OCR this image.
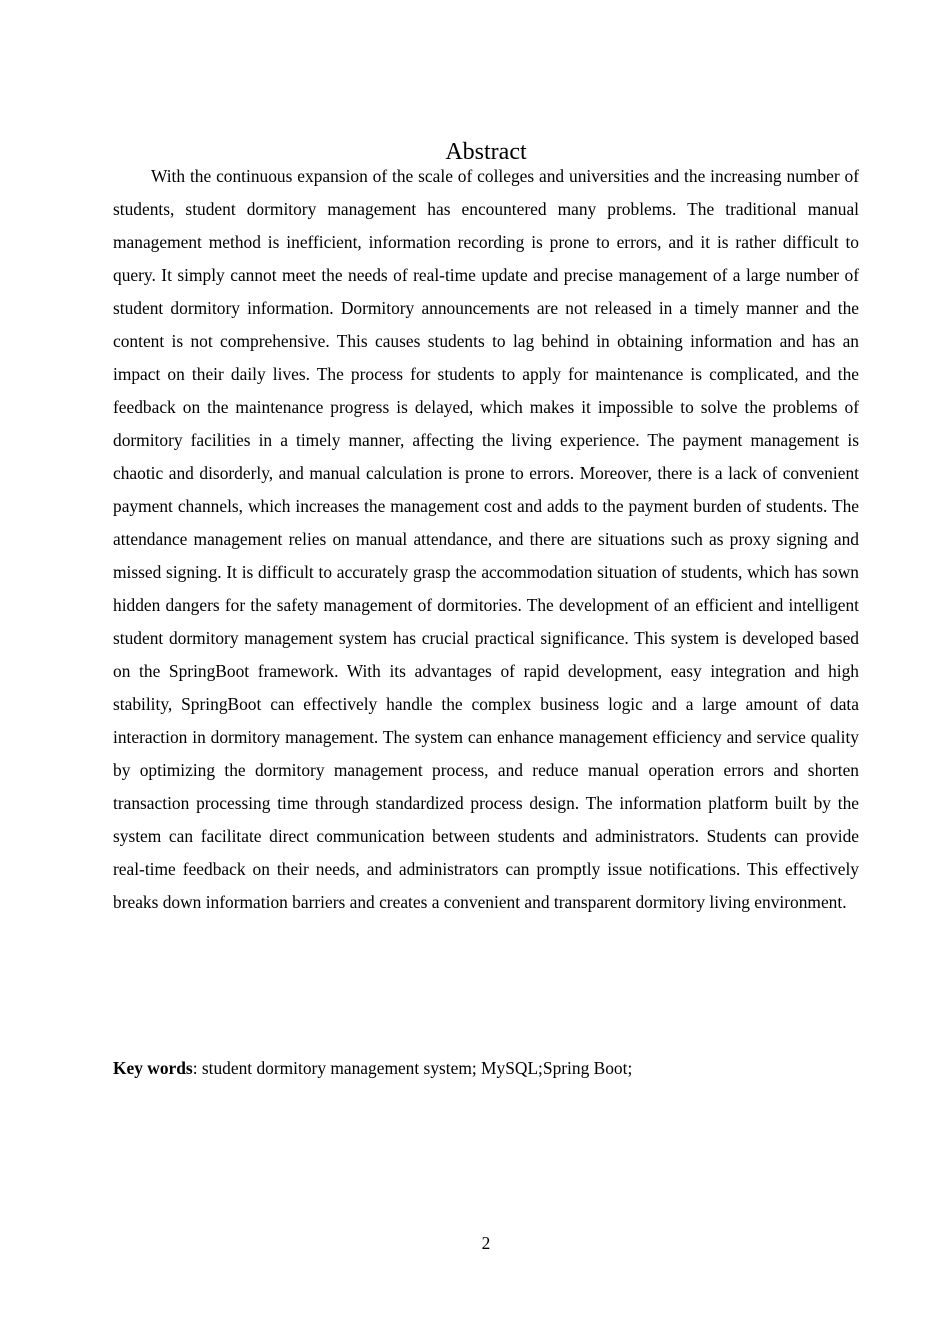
Abstract

With the continuous expansion of the scale of colleges and universities and the increasing number of students, student dormitory management has encountered many problems. The traditional manual management method is inefficient, information recording is prone to errors, and it is rather difficult to query. It simply cannot meet the needs of real-time update and precise management of a large number of student dormitory information. Dormitory announcements are not released in a timely manner and the content is not comprehensive. This causes students to lag behind in obtaining information and has an impact on their daily lives. The process for students to apply for maintenance is complicated, and the feedback on the maintenance progress is delayed, which makes it impossible to solve the problems of dormitory facilities in a timely manner, affecting the living experience. The payment management is chaotic and disorderly, and manual calculation is prone to errors. Moreover, there is a lack of convenient payment channels, which increases the management cost and adds to the payment burden of students. The attendance management relies on manual attendance, and there are situations such as proxy signing and missed signing. It is difficult to accurately grasp the accommodation situation of students, which has sown hidden dangers for the safety management of dormitories. The development of an efficient and intelligent student dormitory management system has crucial practical significance. This system is developed based on the SpringBoot framework. With its advantages of rapid development, easy integration and high stability, SpringBoot can effectively handle the complex business logic and a large amount of data interaction in dormitory management. The system can enhance management efficiency and service quality by optimizing the dormitory management process, and reduce manual operation errors and shorten transaction processing time through standardized process design. The information platform built by the system can facilitate direct communication between students and administrators. Students can provide real-time feedback on their needs, and administrators can promptly issue notifications. This effectively breaks down information barriers and creates a convenient and transparent dormitory living environment.

Key words: student dormitory management system; MySQL;Spring Boot;

2
